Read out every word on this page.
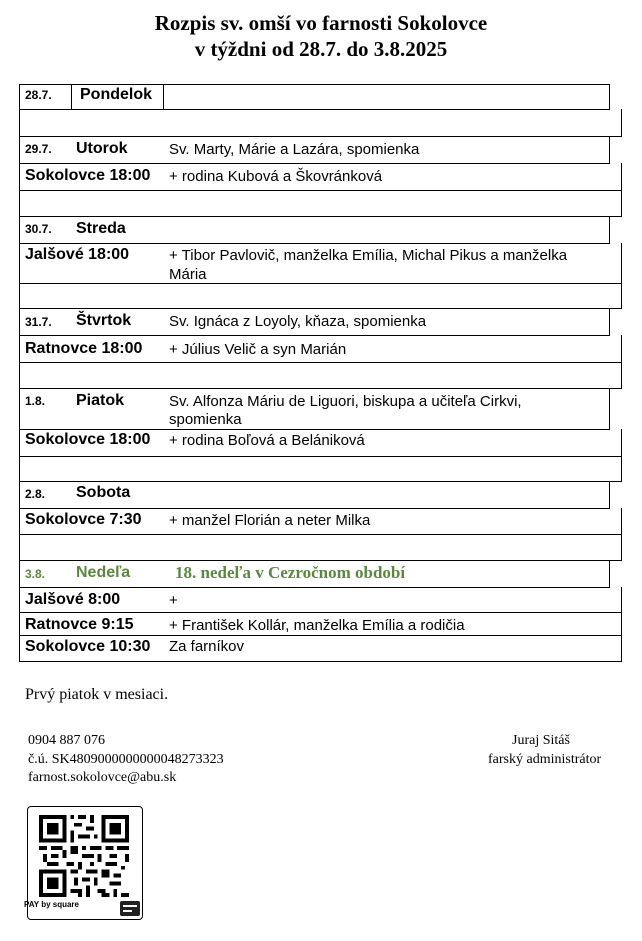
Rozpis sv. omší vo farnosti Sokolovce
v týždni od 28.7. do 3.8.2025
28.7. Pondelok
29.7. Utorok	Sv. Marty, Márie a Lazára, spomienka
Sokolovce 18:00 + rodina Kubová a Škovránková
30.7. Streda
Jalšové 18:00	+ Tibor Pavlovič, manželka Emília, Michal Pikus a manželka
Mária
31.7. Štvrtok	Sv. Ignáca z Loyoly, kňaza, spomienka
Ratnovce 18:00 + Július Velič a syn Marián
1.8. Piatok	Sv. Alfonza Máriu de Liguori, biskupa a učiteľa Cirkvi,
spomienka
Sokolovce 18:00 + rodina Boľová a Belániková
2.8. Sobota
Sokolovce 7:30 + manžel Florián a neter Milka
3.8. Nedeľa	18. nedeľa v Cezročnom období
Jalšové 8:00	+
Ratnovce 9:15 + František Kollár, manželka Emília a rodičia
Sokolovce 10:30 Za farníkov
Prvý piatok v mesiaci.
0904 887 076
č.ú. SK4809000000000048273323
farnost.sokolovce@abu.sk
Juraj Sitáš
farský administrátor
PAY by square
